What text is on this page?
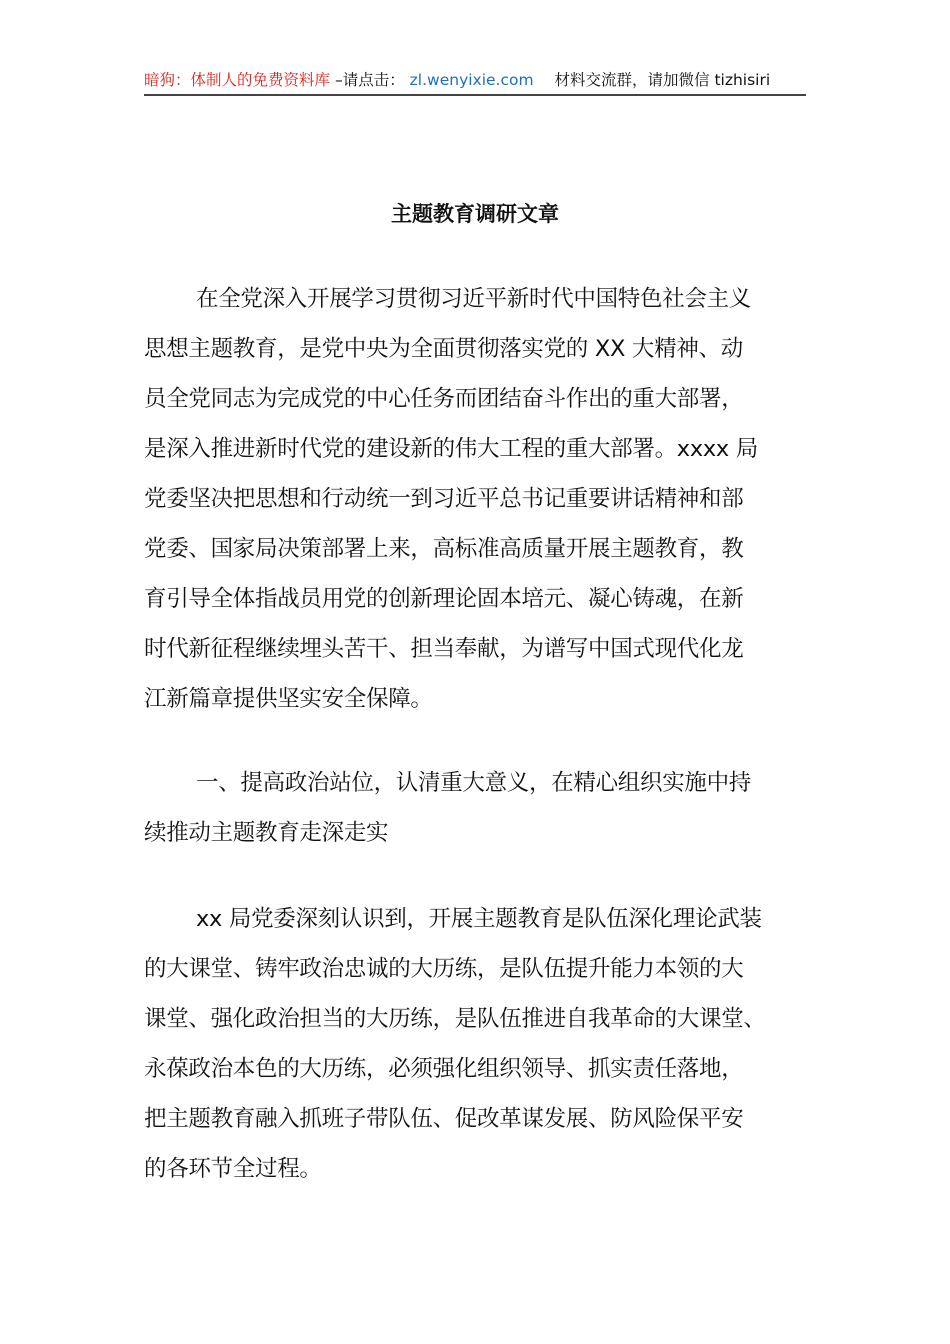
暗狗：体制人的免费资料库 –请点击： zl.wenyixie.com 材料交流群，请加微信 tizhisiri
主题教育调研文章
在全党深入开展学习贯彻习近平新时代中国特色社会主义
思想主题教育，是党中央为全面贯彻落实党的 XX 大精神、动
员全党同志为完成党的中心任务而团结奋斗作出的重大部署，
是深入推进新时代党的建设新的伟大工程的重大部署。xxxx 局
党委坚决把思想和行动统一到习近平总书记重要讲话精神和部
党委、国家局决策部署上来，高标准高质量开展主题教育，教
育引导全体指战员用党的创新理论固本培元、凝心铸魂，在新
时代新征程继续埋头苦干、担当奉献，为谱写中国式现代化龙
江新篇章提供坚实安全保障。
一、提高政治站位，认清重大意义，在精心组织实施中持
续推动主题教育走深走实
xx 局党委深刻认识到，开展主题教育是队伍深化理论武装
的大课堂、铸牢政治忠诚的大历练，是队伍提升能力本领的大
课堂、强化政治担当的大历练，是队伍推进自我革命的大课堂、
永葆政治本色的大历练，必须强化组织领导、抓实责任落地，
把主题教育融入抓班子带队伍、促改革谋发展、防风险保平安
的各环节全过程。
